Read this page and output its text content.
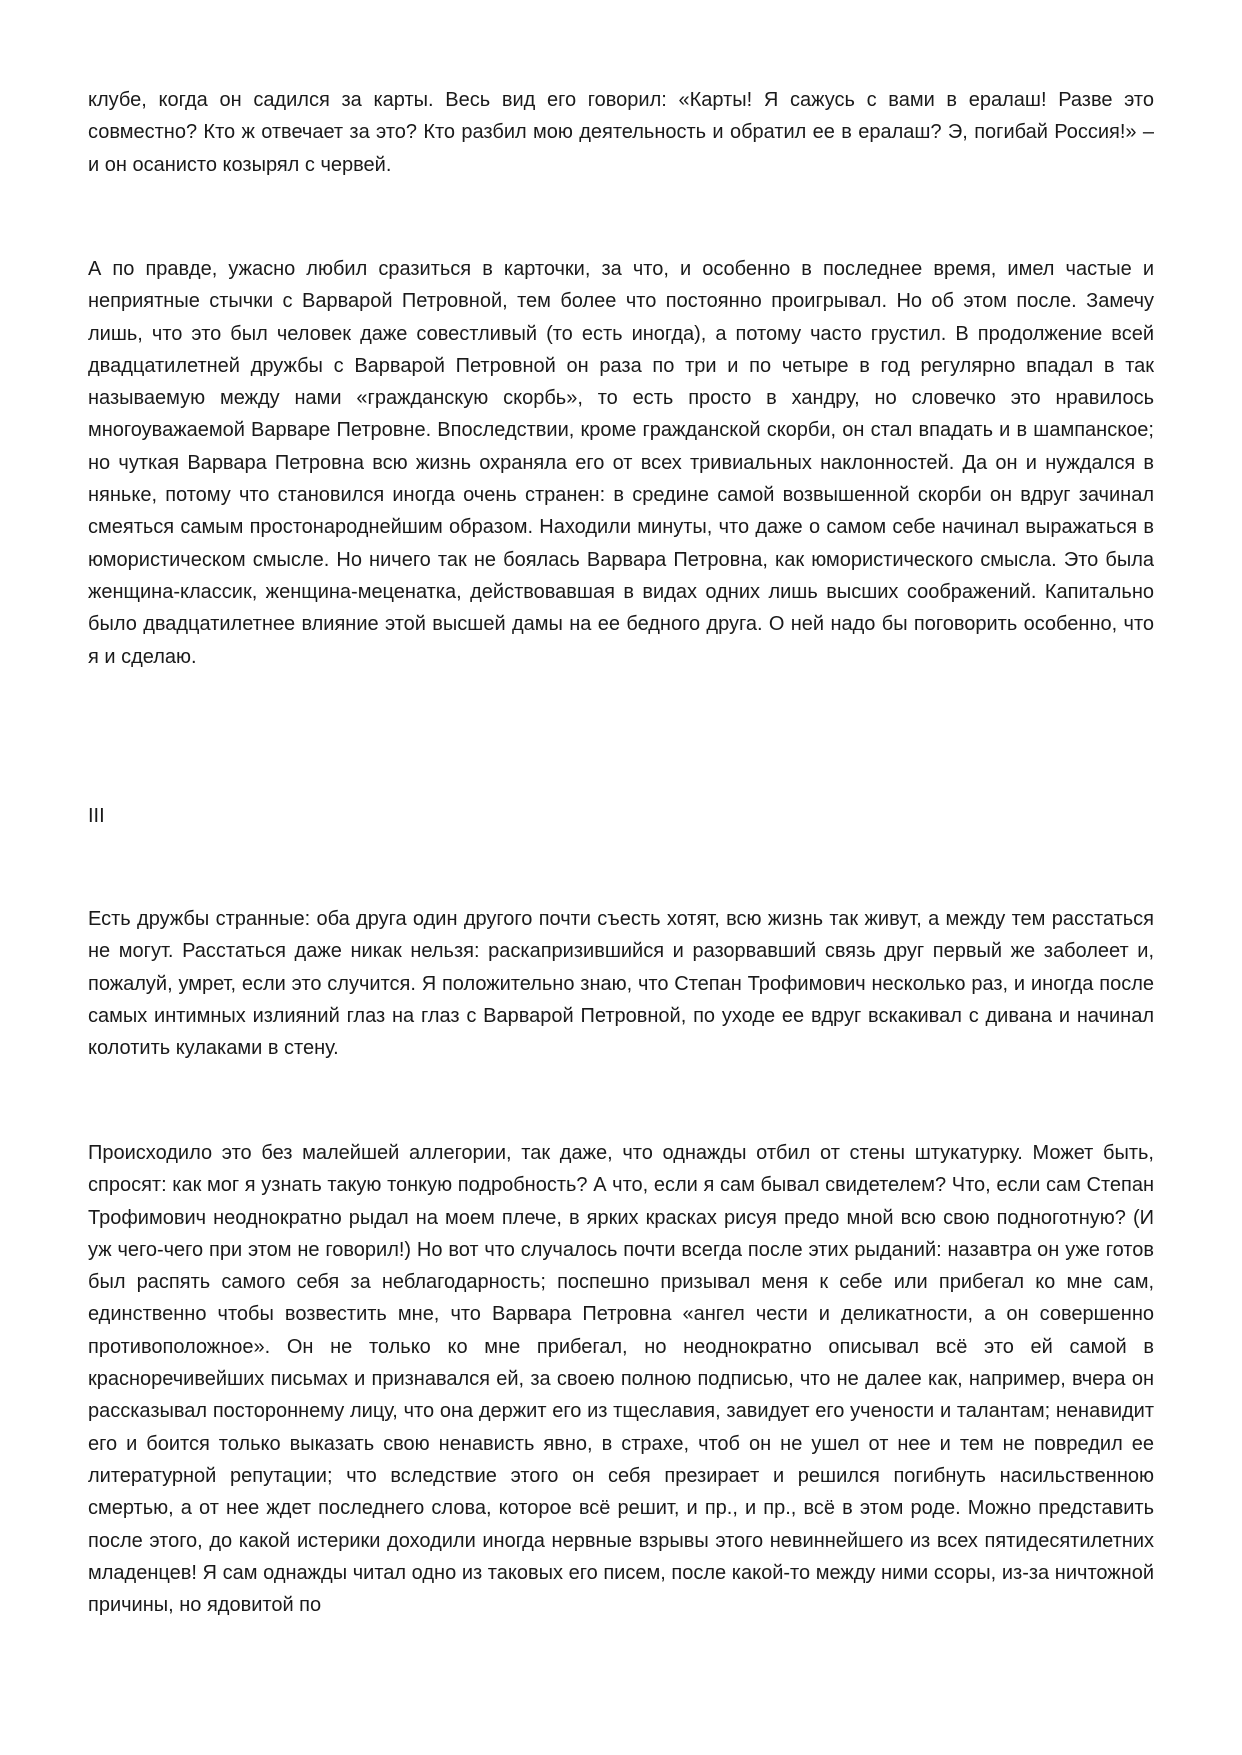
клубе, когда он садился за карты. Весь вид его говорил: «Карты! Я сажусь с вами в ералаш! Разве это совместно? Кто ж отвечает за это? Кто разбил мою деятельность и обратил ее в ералаш? Э, погибай Россия!» – и он осанисто козырял с червей.

А по правде, ужасно любил сразиться в карточки, за что, и особенно в последнее время, имел частые и неприятные стычки с Варварой Петровной, тем более что постоянно проигрывал. Но об этом после. Замечу лишь, что это был человек даже совестливый (то есть иногда), а потому часто грустил. В продолжение всей двадцатилетней дружбы с Варварой Петровной он раза по три и по четыре в год регулярно впадал в так называемую между нами «гражданскую скорбь», то есть просто в хандру, но словечко это нравилось многоуважаемой Варваре Петровне. Впоследствии, кроме гражданской скорби, он стал впадать и в шампанское; но чуткая Варвара Петровна всю жизнь охраняла его от всех тривиальных наклонностей. Да он и нуждался в няньке, потому что становился иногда очень странен: в средине самой возвышенной скорби он вдруг зачинал смеяться самым простонароднейшим образом. Находили минуты, что даже о самом себе начинал выражаться в юмористическом смысле. Но ничего так не боялась Варвара Петровна, как юмористического смысла. Это была женщина-классик, женщина-меценатка, действовавшая в видах одних лишь высших соображений. Капитально было двадцатилетнее влияние этой высшей дамы на ее бедного друга. О ней надо бы поговорить особенно, что я и сделаю.

III

Есть дружбы странные: оба друга один другого почти съесть хотят, всю жизнь так живут, а между тем расстаться не могут. Расстаться даже никак нельзя: раскапризившийся и разорвавший связь друг первый же заболеет и, пожалуй, умрет, если это случится. Я положительно знаю, что Степан Трофимович несколько раз, и иногда после самых интимных излияний глаз на глаз с Варварой Петровной, по уходе ее вдруг вскакивал с дивана и начинал колотить кулаками в стену.

Происходило это без малейшей аллегории, так даже, что однажды отбил от стены штукатурку. Может быть, спросят: как мог я узнать такую тонкую подробность? А что, если я сам бывал свидетелем? Что, если сам Степан Трофимович неоднократно рыдал на моем плече, в ярких красках рисуя предо мной всю свою подноготную? (И уж чего-чего при этом не говорил!) Но вот что случалось почти всегда после этих рыданий: назавтра он уже готов был распять самого себя за неблагодарность; поспешно призывал меня к себе или прибегал ко мне сам, единственно чтобы возвестить мне, что Варвара Петровна «ангел чести и деликатности, а он совершенно противоположное». Он не только ко мне прибегал, но неоднократно описывал всё это ей самой в красноречивейших письмах и признавался ей, за своею полною подписью, что не далее как, например, вчера он рассказывал постороннему лицу, что она держит его из тщеславия, завидует его учености и талантам; ненавидит его и боится только выказать свою ненависть явно, в страхе, чтоб он не ушел от нее и тем не повредил ее литературной репутации; что вследствие этого он себя презирает и решился погибнуть насильственною смертью, а от нее ждет последнего слова, которое всё решит, и пр., и пр., всё в этом роде. Можно представить после этого, до какой истерики доходили иногда нервные взрывы этого невиннейшего из всех пятидесятилетних младенцев! Я сам однажды читал одно из таковых его писем, после какой-то между ними ссоры, из-за ничтожной причины, но ядовитой по
